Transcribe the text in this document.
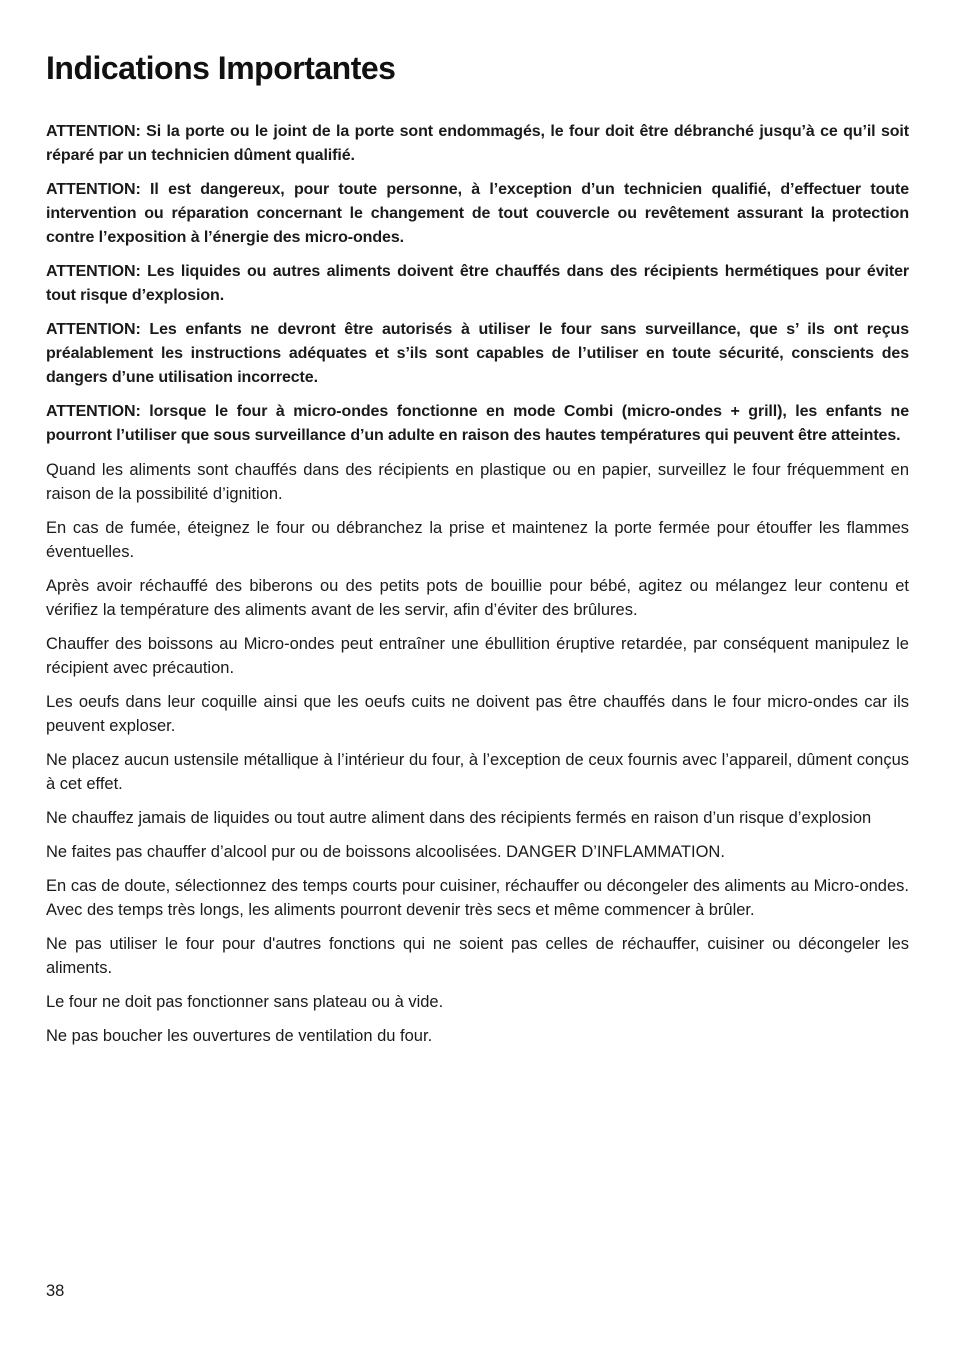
Indications Importantes

ATTENTION: Si la porte ou le joint de la porte sont endommagés, le four doit être débranché jusqu’à ce qu’il soit réparé par un technicien dûment qualifié.

ATTENTION: Il est dangereux, pour toute personne, à l’exception d’un technicien qualifié, d’effectuer toute intervention ou réparation concernant le changement de tout couvercle ou revêtement assurant la protection contre l’exposition à l’énergie des micro-ondes.

ATTENTION: Les liquides ou autres aliments doivent être chauffés dans des récipients hermétiques pour éviter tout risque d’explosion.

ATTENTION: Les enfants ne devront être autorisés à utiliser le four sans surveillance, que s’ ils ont reçus préalablement les instructions adéquates et s’ils sont capables de l’utiliser en toute sécurité, conscients des dangers d’une utilisation incorrecte.

ATTENTION: lorsque le four à micro-ondes fonctionne en mode Combi (micro-ondes + grill), les enfants ne pourront l’utiliser que sous surveillance d’un adulte en raison des hautes températures qui peuvent être atteintes.

Quand les aliments sont chauffés dans des récipients en plastique ou en papier, surveillez le four fréquemment en raison de la possibilité d’ignition.

En cas de fumée, éteignez le four ou débranchez la prise et maintenez la porte fermée pour étouffer les flammes éventuelles.

Après avoir réchauffé des biberons ou des petits pots de bouillie pour bébé, agitez ou mélangez leur contenu et vérifiez la température des aliments avant de les servir, afin d’éviter des brûlures.

Chauffer des boissons au Micro-ondes peut entraîner une ébullition éruptive retardée, par conséquent manipulez le récipient avec précaution.

Les oeufs dans leur coquille ainsi que les oeufs cuits ne doivent pas être chauffés dans le four micro-ondes car ils peuvent exploser.

Ne placez aucun ustensile métallique à l’intérieur du four, à l’exception de ceux fournis avec l’appareil, dûment conçus à cet effet.

Ne chauffez jamais de liquides ou tout autre aliment dans des récipients fermés en raison d’un risque d’explosion

Ne faites pas chauffer d’alcool pur ou de boissons alcoolisées. DANGER D’INFLAMMATION.

En cas de doute, sélectionnez des temps courts pour cuisiner, réchauffer ou décongeler des aliments au Micro-ondes. Avec des temps très longs, les aliments pourront devenir très secs et même commencer à brûler.

Ne pas utiliser le four pour d'autres fonctions qui ne soient pas celles de réchauffer, cuisiner ou décongeler les aliments.

Le four ne doit pas fonctionner sans plateau ou à vide.

Ne pas boucher les ouvertures de ventilation du four.

38
